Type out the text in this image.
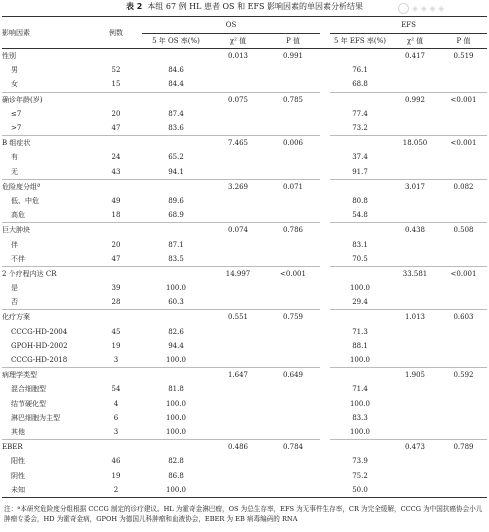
表 2 本组 67 例 HL 患者 OS 和 EFS 影响因素的单因素分析结果	◈ ◈ ◈ ◈
影响因素	例数		OS				EFS		
			5 年 OS 率(%)	χ² 值	P 值		5 年 EFS 率(%)	χ² 值	P 值
性别				0.013	0.991			0.417	0.519
男	52		84.6				76.1		
女	15		84.4				68.8		
确诊年龄(岁)				0.075	0.785			0.992	<0.001
≤7	20		87.4				77.4		
>7	47		83.6				73.2		
B 组症状				7.465	0.006			18.050	<0.001
有	24		65.2				37.4		
无	43		94.1				91.7		
危险度分组ª				3.269	0.071			3.017	0.082
低、中危	49		89.6				80.8		
高危	18		68.9				54.8		
巨大肿块				0.074	0.786			0.438	0.508
伴	20		87.1				83.1		
不伴	47		83.5				70.5		
2 个疗程内达 CR				14.997	<0.001			33.581	<0.001
是	39		100.0				100.0		
否	28		60.3				29.4		
化疗方案				0.551	0.759			1.013	0.603
CCCG-HD-2004	45		82.6				71.3		
GPOH-HD-2002	19		94.4				88.1		
CCCG-HD-2018	3		100.0				100.0		
病理学类型				1.647	0.649			1.905	0.592
混合细胞型	54		81.8				71.4		
结节硬化型	4		100.0				100.0		
淋巴细胞为主型	6		100.0				83.3		
其他	3		100.0				100.0		
EBER				0.486	0.784			0.473	0.789
阳性	46		82.8				73.9		
阴性	19		86.8				75.2		
未知	2		100.0				50.0		
注：ª本研究危险度分组根据 CCCG 制定的诊疗建议。HL 为霍奇金淋巴瘤，OS 为总生存率，EFS 为无事件生存率，CR 为完全缓解，CCCG 为中国抗癌协会小儿肿瘤专委会，HD 为霍奇金病，GPOH 为德国儿科肿瘤和血液协会，EBER 为 EB 病毒编码的 RNA
